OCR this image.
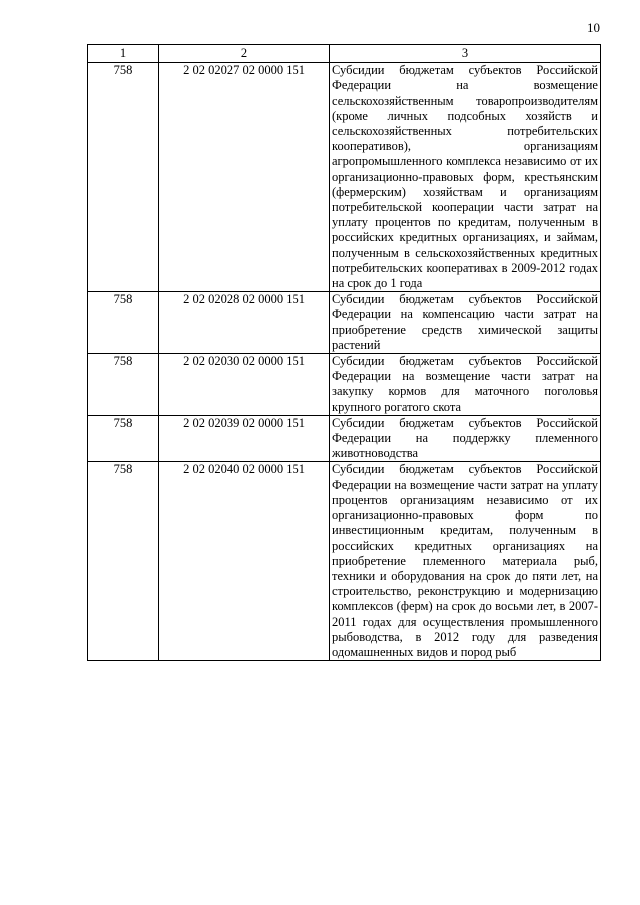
10
1	2	3
758	2 02 02027 02 0000 151	Субсидии бюджетам субъектов Российской Федерации на возмещение сельскохозяйственным товаропроизводителям (кроме личных подсобных хозяйств и сельскохозяйственных потребительских кооперативов), организациям агропромышленного комплекса независимо от их организационно-правовых форм, крестьянским (фермерским) хозяйствам и организациям потребительской кооперации части затрат на уплату процентов по кредитам, полученным в российских кредитных организациях, и займам, полученным в сельскохозяйственных кредитных потребительских кооперативах в 2009-2012 годах на срок до 1 года
758	2 02 02028 02 0000 151	Субсидии бюджетам субъектов Российской Федерации на компенсацию части затрат на приобретение средств химической защиты растений
758	2 02 02030 02 0000 151	Субсидии бюджетам субъектов Российской Федерации на возмещение части затрат на закупку кормов для маточного поголовья крупного рогатого скота
758	2 02 02039 02 0000 151	Субсидии бюджетам субъектов Российской Федерации на поддержку племенного животноводства
758	2 02 02040 02 0000 151	Субсидии бюджетам субъектов Российской Федерации на возмещение части затрат на уплату процентов организациям независимо от их организационно-правовых форм по инвестиционным кредитам, полученным в российских кредитных организациях на приобретение племенного материала рыб, техники и оборудования на срок до пяти лет, на строительство, реконструкцию и модернизацию комплексов (ферм) на срок до восьми лет, в 2007-2011 годах для осуществления промышленного рыбоводства, в 2012 году для разведения одомашненных видов и пород рыб
